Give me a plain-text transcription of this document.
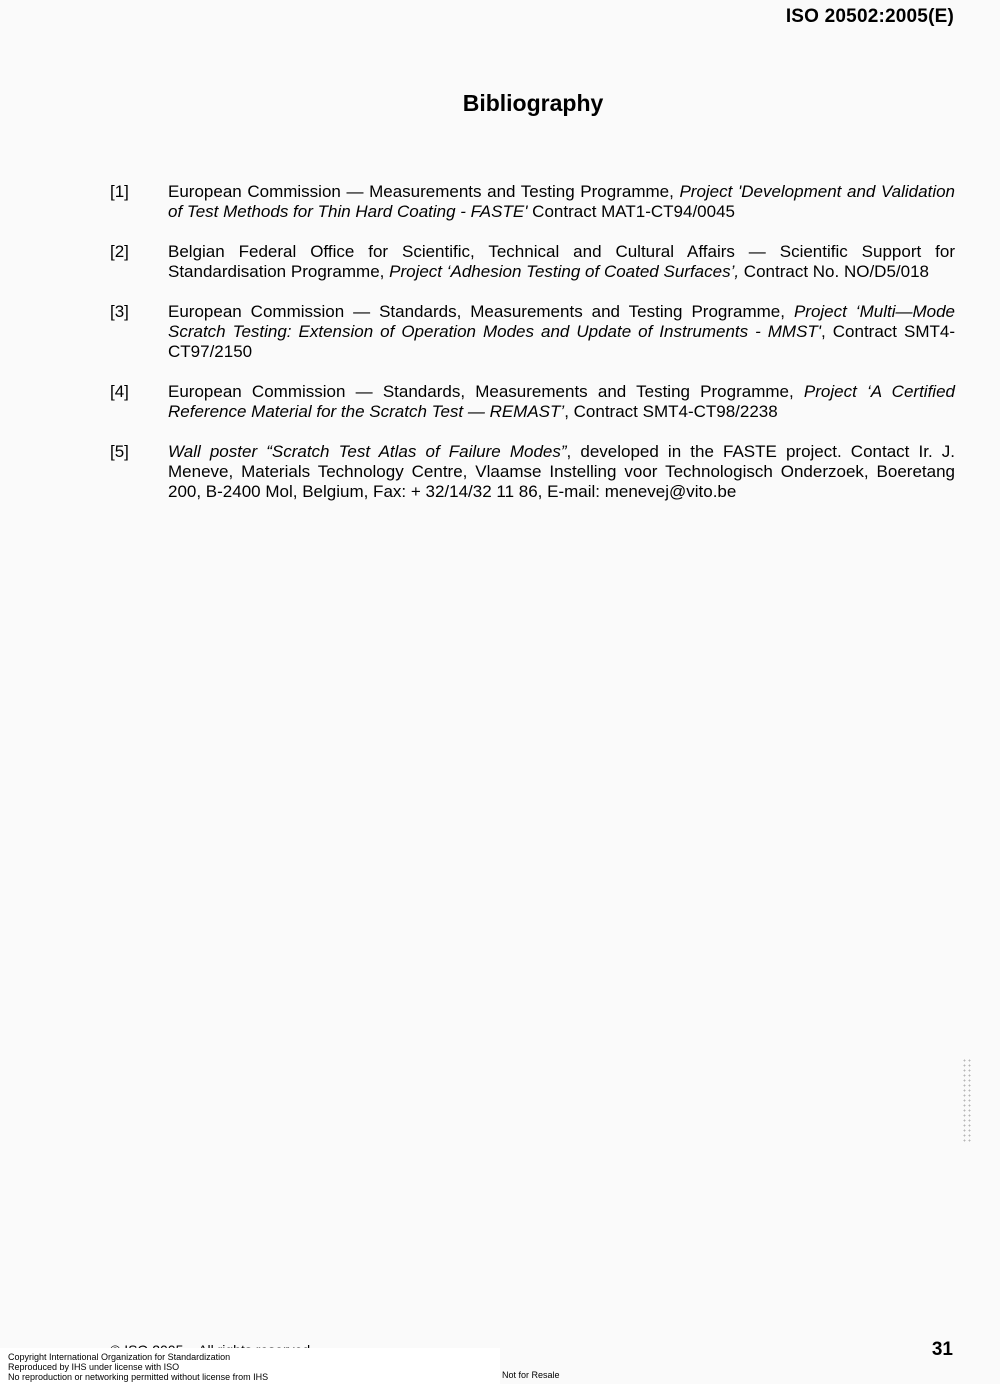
ISO 20502:2005(E)
Bibliography
[1]	European Commission — Measurements and Testing Programme, Project 'Development and Validation of Test Methods for Thin Hard Coating - FASTE' Contract MAT1-CT94/0045
[2]	Belgian Federal Office for Scientific, Technical and Cultural Affairs — Scientific Support for Standardisation Programme, Project ‘Adhesion Testing of Coated Surfaces’, Contract No. NO/D5/018
[3]	European Commission — Standards, Measurements and Testing Programme, Project ‘Multi—Mode Scratch Testing: Extension of Operation Modes and Update of Instruments - MMST', Contract SMT4-CT97/2150
[4]	European Commission — Standards, Measurements and Testing Programme, Project ‘A Certified Reference Material for the Scratch Test — REMAST’, Contract SMT4-CT98/2238
[5]	Wall poster “Scratch Test Atlas of Failure Modes”, developed in the FASTE project. Contact Ir. J. Meneve, Materials Technology Centre, Vlaamse Instelling voor Technologisch Onderzoek, Boeretang 200, B-2400 Mol, Belgium, Fax: + 32/14/32 11 86, E-mail: menevej@vito.be
31
Copyright International Organization for Standardization
Reproduced by IHS under license with ISO
No reproduction or networking permitted without license from IHS	Not for Resale
